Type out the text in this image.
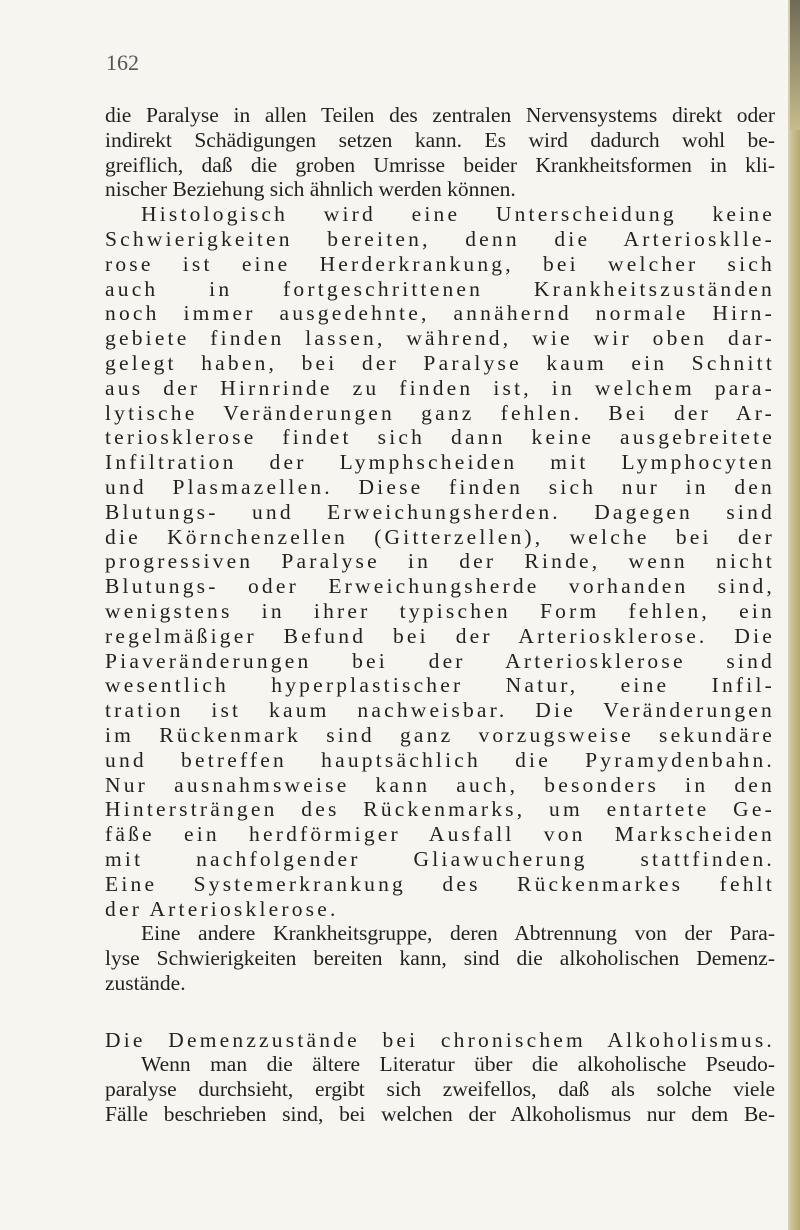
162
die Paralyse in allen Teilen des zentralen Nervensystems direkt oder
indirekt Schädigungen setzen kann. Es wird dadurch wohl be-
greiflich, daß die groben Umrisse beider Krankheitsformen in kli-
nischer Beziehung sich ähnlich werden können.
Histologisch wird eine Unterscheidung keine
Schwierigkeiten bereiten, denn die Arteriosklle-
rose ist eine Herderkrankung, bei welcher sich
auch in fortgeschrittenen Krankheitszuständen
noch immer ausgedehnte, annähernd normale Hirn-
gebiete finden lassen, während, wie wir oben dar-
gelegt haben, bei der Paralyse kaum ein Schnitt
aus der Hirnrinde zu finden ist, in welchem para-
lytische Veränderungen ganz fehlen. Bei der Ar-
teriosklerose findet sich dann keine ausgebreitete
Infiltration der Lymphscheiden mit Lymphocyten
und Plasmazellen. Diese finden sich nur in den
Blutungs- und Erweichungsherden. Dagegen sind
die Körnchenzellen (Gitterzellen), welche bei der
progressiven Paralyse in der Rinde, wenn nicht
Blutungs- oder Erweichungsherde vorhanden sind,
wenigstens in ihrer typischen Form fehlen, ein
regelmäßiger Befund bei der Arteriosklerose. Die
Piaveränderungen bei der Arteriosklerose sind
wesentlich hyperplastischer Natur, eine Infil-
tration ist kaum nachweisbar. Die Veränderungen
im Rückenmark sind ganz vorzugsweise sekundäre
und betreffen hauptsächlich die Pyramydenbahn.
Nur ausnahmsweise kann auch, besonders in den
Hintersträngen des Rückenmarks, um entartete Ge-
fäße ein herdförmiger Ausfall von Markscheiden
mit nachfolgender Gliawucherung stattfinden.
Eine Systemerkrankung des Rückenmarkes fehlt
der Arteriosklerose.
Eine andere Krankheitsgruppe, deren Abtrennung von der Para-
lyse Schwierigkeiten bereiten kann, sind die alkoholischen Demenz-
zustände.
Die Demenzzustände bei chronischem Alkoholismus.
Wenn man die ältere Literatur über die alkoholische Pseudo-
paralyse durchsieht, ergibt sich zweifellos, daß als solche viele
Fälle beschrieben sind, bei welchen der Alkoholismus nur dem Be-
